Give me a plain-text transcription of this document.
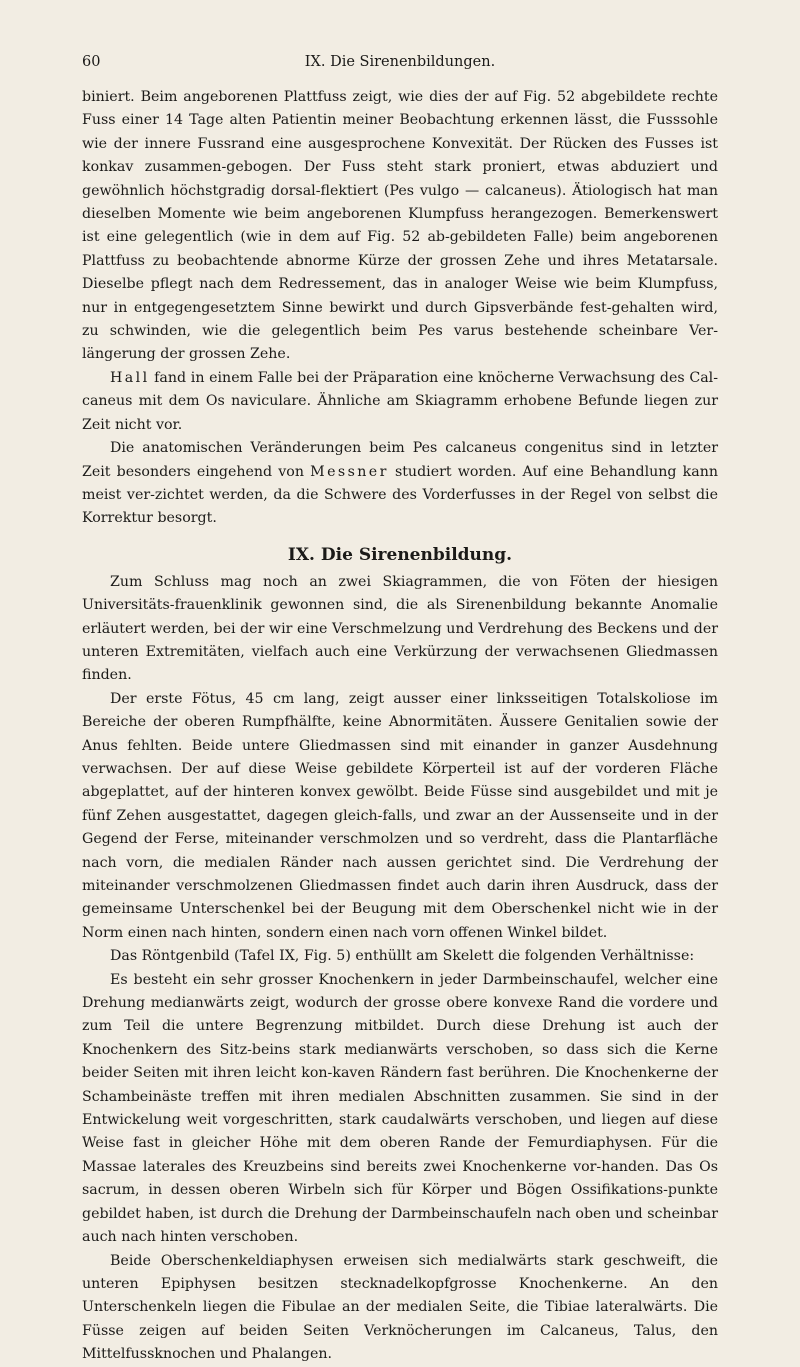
60	IX. Die Sirenenbildungen.

biniert. Beim angeborenen Plattfuss zeigt, wie dies der auf Fig. 52 abgebildete rechte Fuss einer 14 Tage alten Patientin meiner Beobachtung erkennen lässt, die Fusssohle wie der innere Fussrand eine ausgesprochene Konvexität. Der Rücken des Fusses ist konkav zusammen-gebogen. Der Fuss steht stark proniert, etwas abduziert und gewöhnlich höchstgradig dorsal-flektiert (Pes vulgo — calcaneus). Ätiologisch hat man dieselben Momente wie beim angeborenen Klumpfuss herangezogen. Bemerkenswert ist eine gelegentlich (wie in dem auf Fig. 52 ab-gebildeten Falle) beim angeborenen Plattfuss zu beobachtende abnorme Kürze der grossen Zehe und ihres Metatarsale. Dieselbe pflegt nach dem Redressement, das in analoger Weise wie beim Klumpfuss, nur in entgegengesetztem Sinne bewirkt und durch Gipsverbände fest-gehalten wird, zu schwinden, wie die gelegentlich beim Pes varus bestehende scheinbare Ver-längerung der grossen Zehe.

Hall fand in einem Falle bei der Präparation eine knöcherne Verwachsung des Cal-caneus mit dem Os naviculare. Ähnliche am Skiagramm erhobene Befunde liegen zur Zeit nicht vor.

Die anatomischen Veränderungen beim Pes calcaneus congenitus sind in letzter Zeit besonders eingehend von Messner studiert worden. Auf eine Behandlung kann meist ver-zichtet werden, da die Schwere des Vorderfusses in der Regel von selbst die Korrektur besorgt.

IX. Die Sirenenbildung.

Zum Schluss mag noch an zwei Skiagrammen, die von Föten der hiesigen Universitäts-frauenklinik gewonnen sind, die als Sirenenbildung bekannte Anomalie erläutert werden, bei der wir eine Verschmelzung und Verdrehung des Beckens und der unteren Extremitäten, vielfach auch eine Verkürzung der verwachsenen Gliedmassen finden.

Der erste Fötus, 45 cm lang, zeigt ausser einer linksseitigen Totalskoliose im Bereiche der oberen Rumpfhälfte, keine Abnormitäten. Äussere Genitalien sowie der Anus fehlten. Beide untere Gliedmassen sind mit einander in ganzer Ausdehnung verwachsen. Der auf diese Weise gebildete Körperteil ist auf der vorderen Fläche abgeplattet, auf der hinteren konvex gewölbt. Beide Füsse sind ausgebildet und mit je fünf Zehen ausgestattet, dagegen gleich-falls, und zwar an der Aussenseite und in der Gegend der Ferse, miteinander verschmolzen und so verdreht, dass die Plantarfläche nach vorn, die medialen Ränder nach aussen gerichtet sind. Die Verdrehung der miteinander verschmolzenen Gliedmassen findet auch darin ihren Ausdruck, dass der gemeinsame Unterschenkel bei der Beugung mit dem Oberschenkel nicht wie in der Norm einen nach hinten, sondern einen nach vorn offenen Winkel bildet.

Das Röntgenbild (Tafel IX, Fig. 5) enthüllt am Skelett die folgenden Verhältnisse:

Es besteht ein sehr grosser Knochenkern in jeder Darmbeinschaufel, welcher eine Drehung medianwärts zeigt, wodurch der grosse obere konvexe Rand die vordere und zum Teil die untere Begrenzung mitbildet. Durch diese Drehung ist auch der Knochenkern des Sitz-beins stark medianwärts verschoben, so dass sich die Kerne beider Seiten mit ihren leicht kon-kaven Rändern fast berühren. Die Knochenkerne der Schambeinäste treffen mit ihren medialen Abschnitten zusammen. Sie sind in der Entwickelung weit vorgeschritten, stark caudalwärts verschoben, und liegen auf diese Weise fast in gleicher Höhe mit dem oberen Rande der Femurdiaphysen. Für die Massae laterales des Kreuzbeins sind bereits zwei Knochenkerne vor-handen. Das Os sacrum, in dessen oberen Wirbeln sich für Körper und Bögen Ossifikations-punkte gebildet haben, ist durch die Drehung der Darmbeinschaufeln nach oben und scheinbar auch nach hinten verschoben.

Beide Oberschenkeldiaphysen erweisen sich medialwärts stark geschweift, die unteren Epiphysen besitzen stecknadelkopfgrosse Knochenkerne. An den Unterschenkeln liegen die Fibulae an der medialen Seite, die Tibiae lateralwärts. Die Füsse zeigen auf beiden Seiten Verknöcherungen im Calcaneus, Talus, den Mittelfussknochen und Phalangen.
